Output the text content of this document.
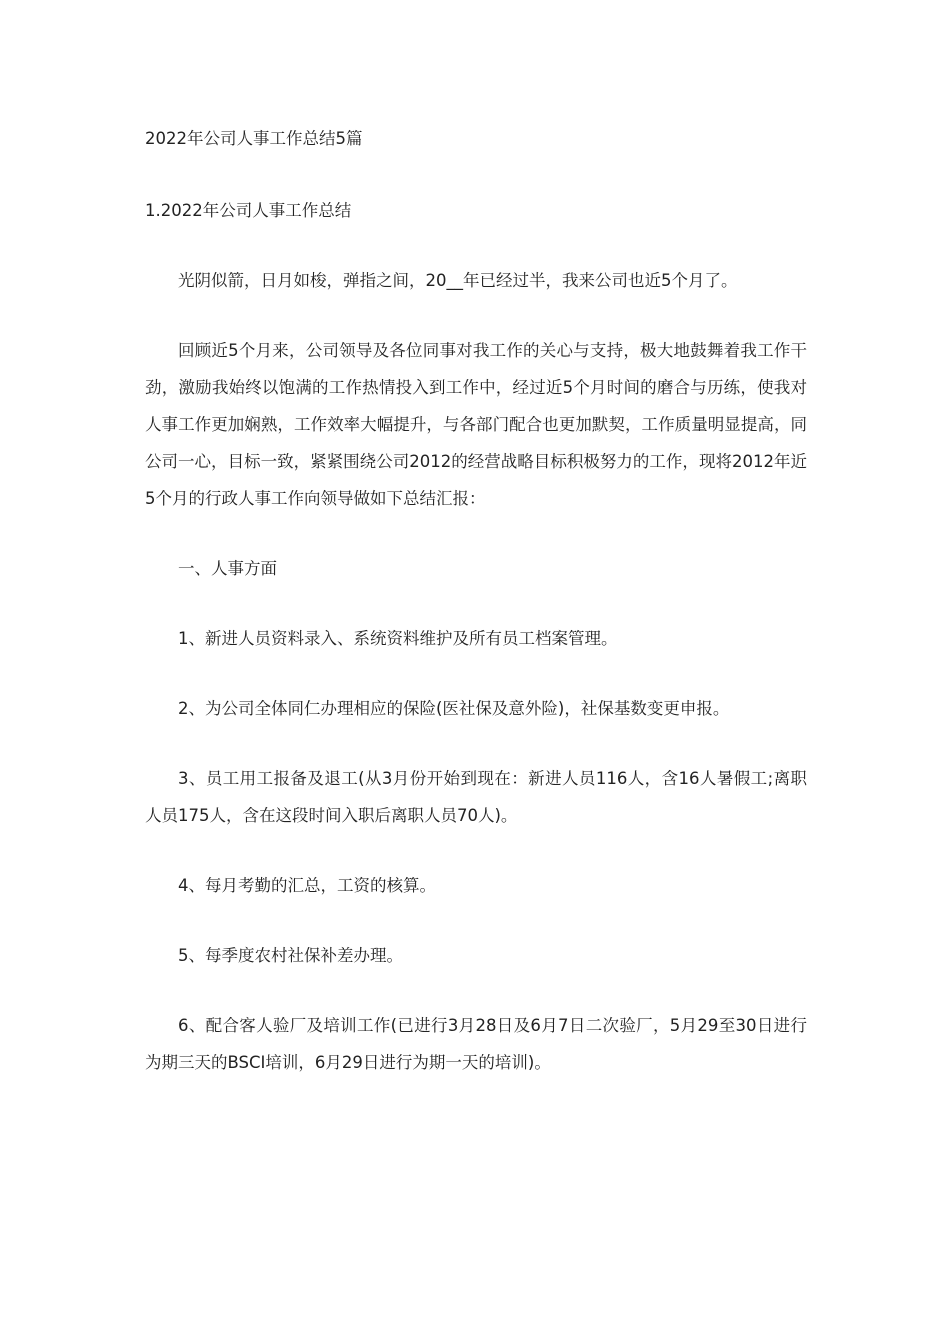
2022年公司人事工作总结5篇

1.2022年公司人事工作总结

光阴似箭，日月如梭，弹指之间，20__年已经过半，我来公司也近5个月了。

回顾近5个月来，公司领导及各位同事对我工作的关心与支持，极大地鼓舞着我工作干劲，激励我始终以饱满的工作热情投入到工作中，经过近5个月时间的磨合与历练，使我对人事工作更加娴熟，工作效率大幅提升，与各部门配合也更加默契，工作质量明显提高，同公司一心，目标一致，紧紧围绕公司2012的经营战略目标积极努力的工作，现将2012年近5个月的行政人事工作向领导做如下总结汇报：

一、人事方面

1、新进人员资料录入、系统资料维护及所有员工档案管理。

2、为公司全体同仁办理相应的保险(医社保及意外险)，社保基数变更申报。

3、员工用工报备及退工(从3月份开始到现在：新进人员116人，含16人暑假工;离职人员175人，含在这段时间入职后离职人员70人)。

4、每月考勤的汇总，工资的核算。

5、每季度农村社保补差办理。

6、配合客人验厂及培训工作(已进行3月28日及6月7日二次验厂，5月29至30日进行为期三天的BSCI培训，6月29日进行为期一天的培训)。
